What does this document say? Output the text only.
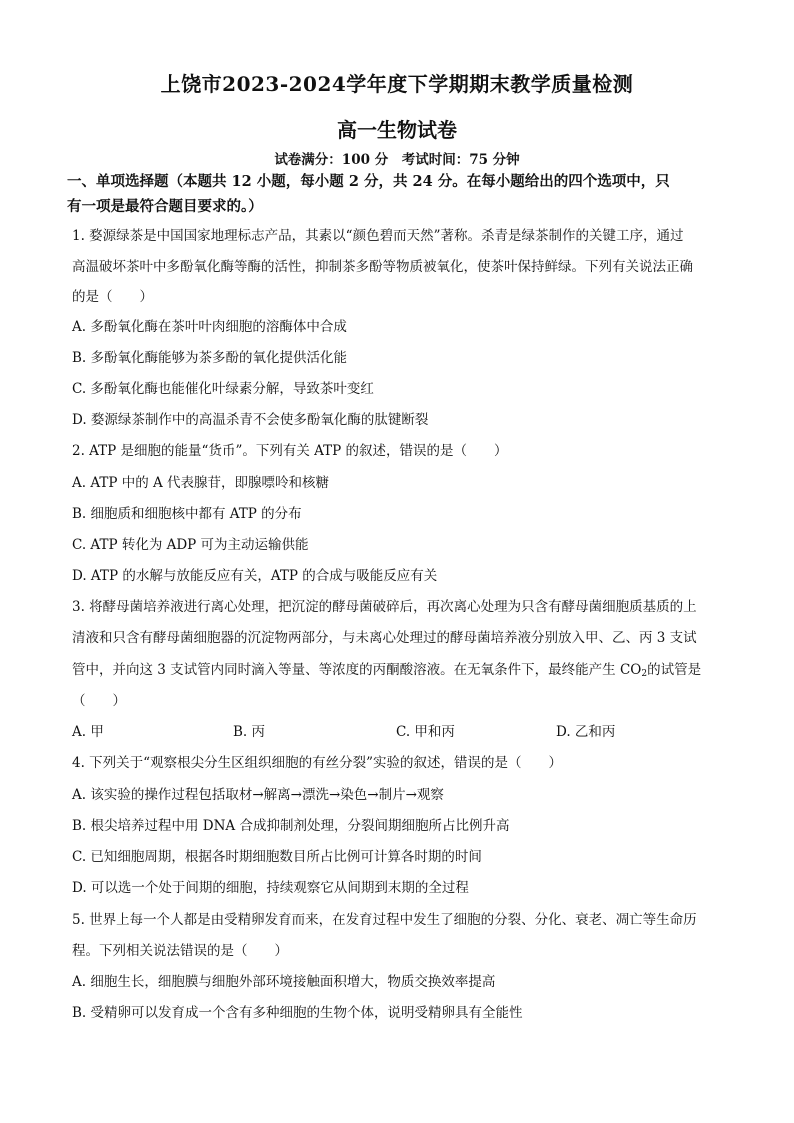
上饶市2023-2024学年度下学期期末教学质量检测
高一生物试卷
试卷满分：100 分　考试时间：75 分钟
一、单项选择题（本题共 12 小题，每小题 2 分，共 24 分。在每小题给出的四个选项中，只
有一项是最符合题目要求的。）
1. 婺源绿茶是中国国家地理标志产品，其素以“颜色碧而天然”著称。杀青是绿茶制作的关键工序，通过
高温破坏茶叶中多酚氧化酶等酶的活性，抑制茶多酚等物质被氧化，使茶叶保持鲜绿。下列有关说法正确
的是（　　）
A. 多酚氧化酶在茶叶叶肉细胞的溶酶体中合成
B. 多酚氧化酶能够为茶多酚的氧化提供活化能
C. 多酚氧化酶也能催化叶绿素分解，导致茶叶变红
D. 婺源绿茶制作中的高温杀青不会使多酚氧化酶的肽键断裂
2. ATP 是细胞的能量“货币”。下列有关 ATP 的叙述，错误的是（　　）
A. ATP 中的 A 代表腺苷，即腺嘌呤和核糖
B. 细胞质和细胞核中都有 ATP 的分布
C. ATP 转化为 ADP 可为主动运输供能
D. ATP 的水解与放能反应有关，ATP 的合成与吸能反应有关
3. 将酵母菌培养液进行离心处理，把沉淀的酵母菌破碎后，再次离心处理为只含有酵母菌细胞质基质的上
清液和只含有酵母菌细胞器的沉淀物两部分，与未离心处理过的酵母菌培养液分别放入甲、乙、丙 3 支试
管中，并向这 3 支试管内同时滴入等量、等浓度的丙酮酸溶液。在无氧条件下，最终能产生 $CO_2$的试管是
（　　）
A. 甲	B. 丙	C. 甲和丙	D. 乙和丙
4. 下列关于“观察根尖分生区组织细胞的有丝分裂”实验的叙述，错误的是（　　）
A. 该实验的操作过程包括取材→解离→漂洗→染色→制片→观察
B. 根尖培养过程中用 DNA 合成抑制剂处理，分裂间期细胞所占比例升高
C. 已知细胞周期，根据各时期细胞数目所占比例可计算各时期的时间
D. 可以选一个处于间期的细胞，持续观察它从间期到末期的全过程
5. 世界上每一个人都是由受精卵发育而来，在发育过程中发生了细胞的分裂、分化、衰老、凋亡等生命历
程。下列相关说法错误的是（　　）
A. 细胞生长，细胞膜与细胞外部环境接触面积增大，物质交换效率提高
B. 受精卵可以发育成一个含有多种细胞的生物个体，说明受精卵具有全能性
